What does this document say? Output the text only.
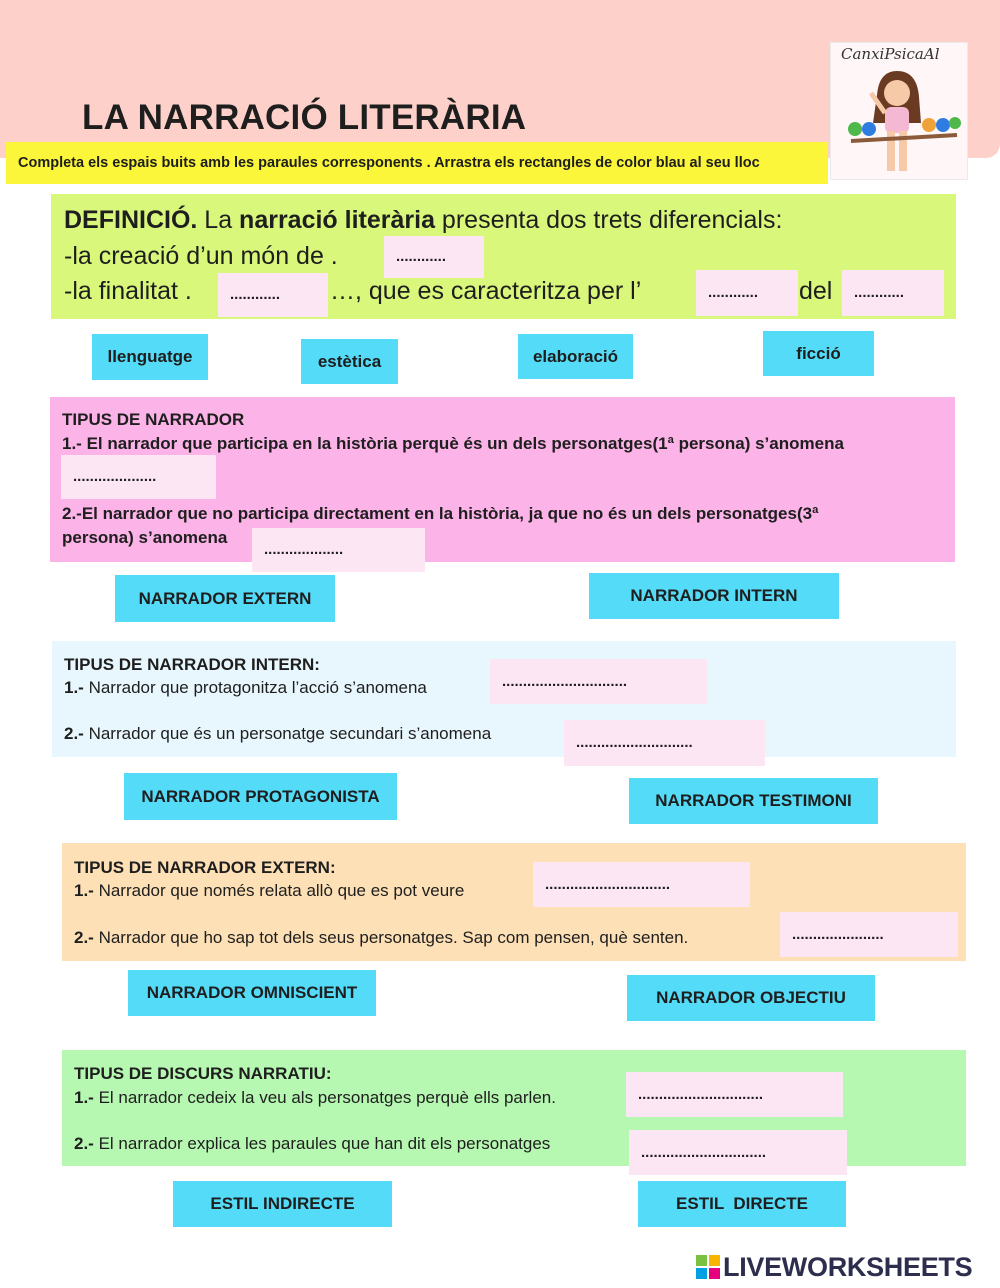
LA NARRACIÓ LITERÀRIA
Completa els espais buits amb les paraules corresponents . Arrastra els rectangles de color blau al seu lloc
CanxiPsicaAl
DEFINICIÓ. La narració literària presenta dos trets diferencials:
-la creació d’un món de .	............
-la finalitat .	............	…, que es caracteritza per l’	............	del	............
llenguatge	estètica	elaboració	ficció
TIPUS DE NARRADOR
1.- El narrador que participa en la història perquè és un dels personatges(1ª persona) s’anomena
....................
2.-El narrador que no participa directament en la història, ja que no és un dels personatges(3ª
persona) s’anomena
...................
NARRADOR EXTERN	NARRADOR INTERN
TIPUS DE NARRADOR INTERN:
1.- Narrador que protagonitza l’acció s’anomena	..............................
2.- Narrador que és un personatge secundari s’anomena	............................
NARRADOR PROTAGONISTA	NARRADOR TESTIMONI
TIPUS DE NARRADOR EXTERN:
1.- Narrador que només relata allò que es pot veure	..............................
2.- Narrador que ho sap tot dels seus personatges. Sap com pensen, què senten.	......................
NARRADOR OMNISCIENT	NARRADOR OBJECTIU
TIPUS DE DISCURS NARRATIU:
1.- El narrador cedeix la veu als personatges perquè ells parlen.	..............................
2.- El narrador explica les paraules que han dit els personatges	..............................
ESTIL INDIRECTE	ESTIL  DIRECTE
LIVEWORKSHEETS
